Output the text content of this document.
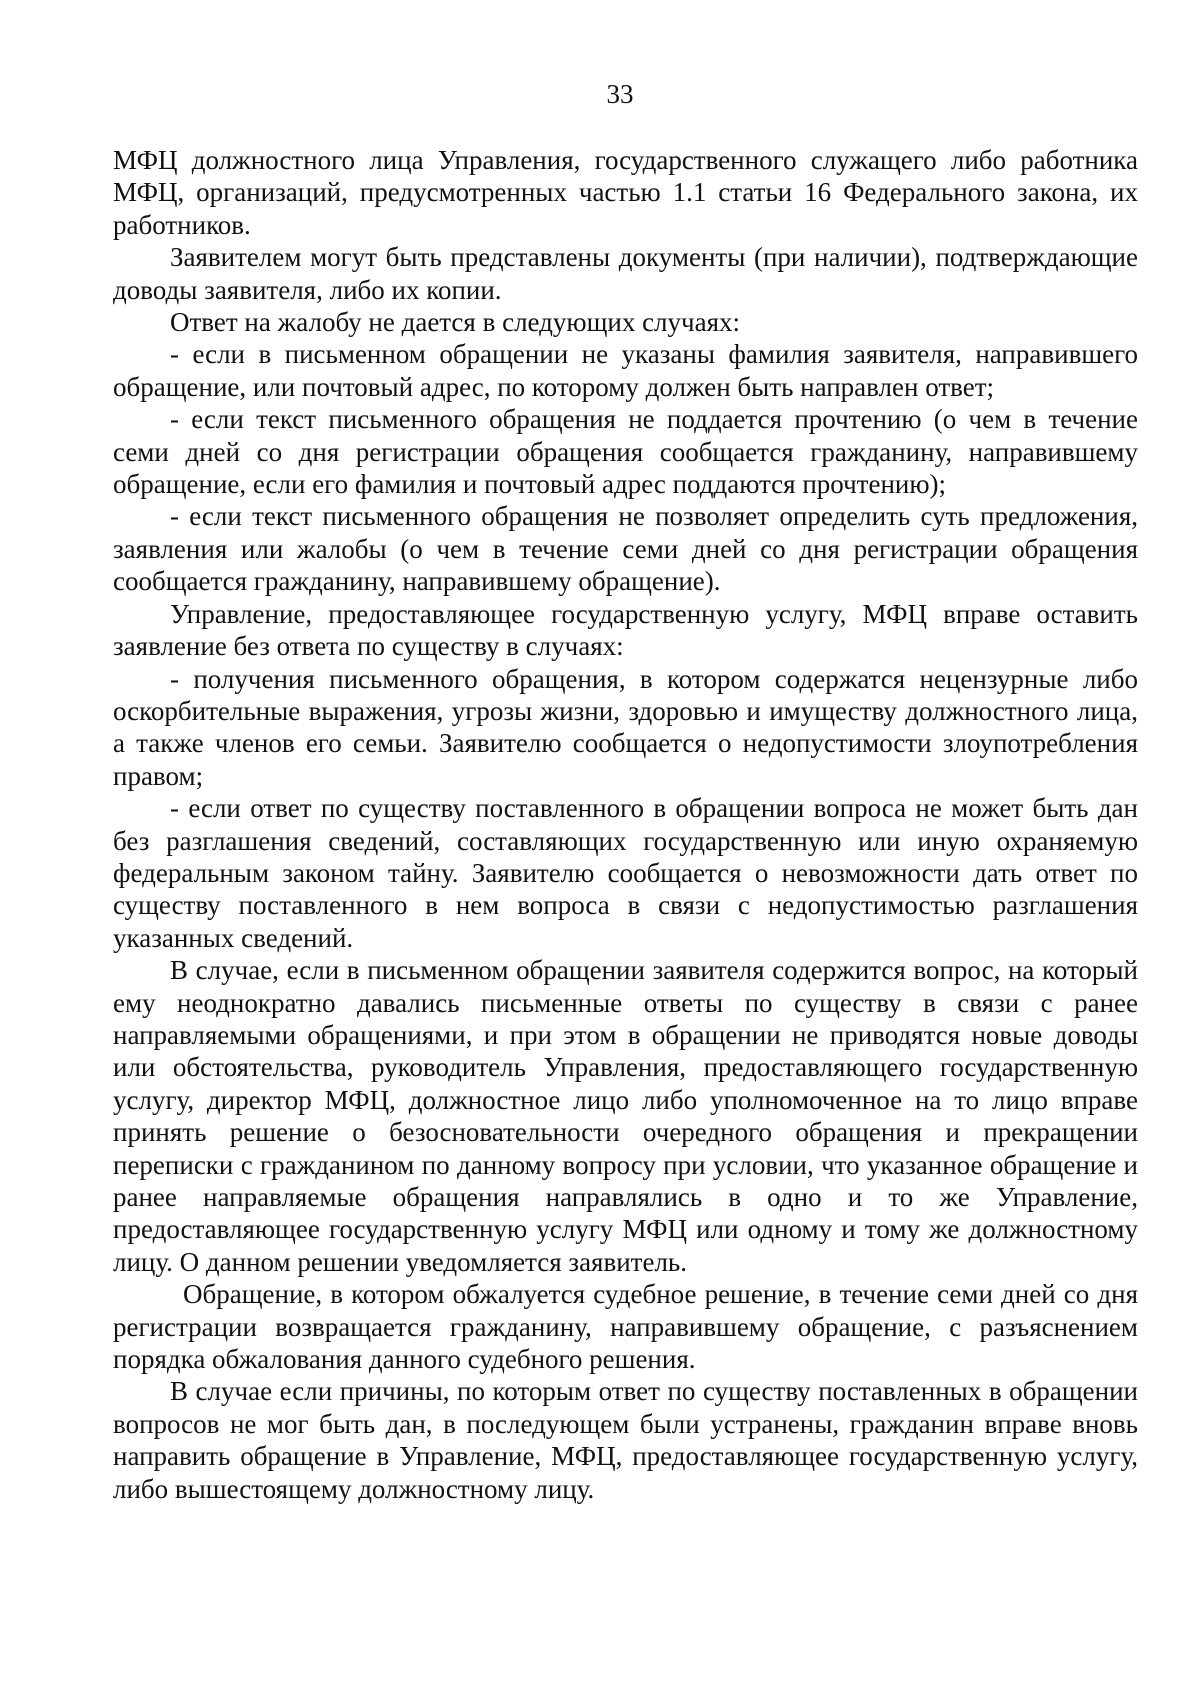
33

МФЦ должностного лица Управления, государственного служащего либо работника МФЦ, организаций, предусмотренных частью 1.1 статьи 16 Федерального закона, их работников.

Заявителем могут быть представлены документы (при наличии), подтверждающие доводы заявителя, либо их копии.

Ответ на жалобу не дается в следующих случаях:

- если в письменном обращении не указаны фамилия заявителя, направившего обращение, или почтовый адрес, по которому должен быть направлен ответ;

- если текст письменного обращения не поддается прочтению (о чем в течение семи дней со дня регистрации обращения сообщается гражданину, направившему обращение, если его фамилия и почтовый адрес поддаются прочтению);

- если текст письменного обращения не позволяет определить суть предложения, заявления или жалобы (о чем в течение семи дней со дня регистрации обращения сообщается гражданину, направившему обращение).

Управление, предоставляющее государственную услугу, МФЦ вправе оставить заявление без ответа по существу в случаях:

- получения письменного обращения, в котором содержатся нецензурные либо оскорбительные выражения, угрозы жизни, здоровью и имуществу должностного лица, а также членов его семьи. Заявителю сообщается о недопустимости злоупотребления правом;

- если ответ по существу поставленного в обращении вопроса не может быть дан без разглашения сведений, составляющих государственную или иную охраняемую федеральным законом тайну. Заявителю сообщается о невозможности дать ответ по существу поставленного в нем вопроса в связи с недопустимостью разглашения указанных сведений.

В случае, если в письменном обращении заявителя содержится вопрос, на который ему неоднократно давались письменные ответы по существу в связи с ранее направляемыми обращениями, и при этом в обращении не приводятся новые доводы или обстоятельства, руководитель Управления, предоставляющего государственную услугу, директор МФЦ, должностное лицо либо уполномоченное на то лицо вправе принять решение о безосновательности очередного обращения и прекращении переписки с гражданином по данному вопросу при условии, что указанное обращение и ранее направляемые обращения направлялись в одно и то же Управление, предоставляющее государственную услугу МФЦ или одному и тому же должностному лицу. О данном решении уведомляется заявитель.

Обращение, в котором обжалуется судебное решение, в течение семи дней со дня регистрации возвращается гражданину, направившему обращение, с разъяснением порядка обжалования данного судебного решения.

В случае если причины, по которым ответ по существу поставленных в обращении вопросов не мог быть дан, в последующем были устранены, гражданин вправе вновь направить обращение в Управление, МФЦ, предоставляющее государственную услугу, либо вышестоящему должностному лицу.
